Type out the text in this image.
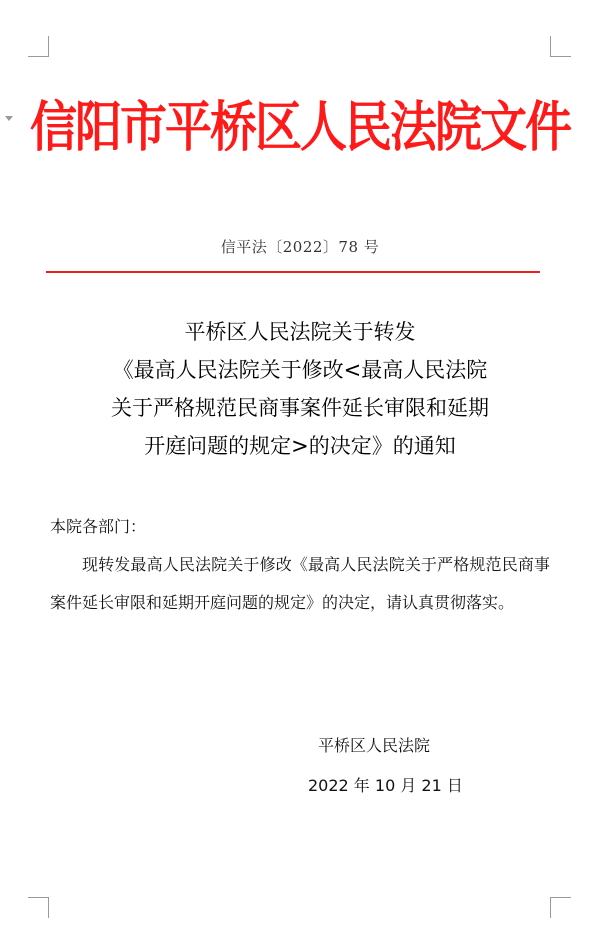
信阳市平桥区人民法院文件
信平法〔2022〕78 号
平桥区人民法院关于转发
《最高人民法院关于修改<最高人民法院
关于严格规范民商事案件延长审限和延期
开庭问题的规定>的决定》的通知
本院各部门：
现转发最高人民法院关于修改《最高人民法院关于严格规范民商事案件延长审限和延期开庭问题的规定》的决定，请认真贯彻落实。
平桥区人民法院
2022 年 10 月 21 日
